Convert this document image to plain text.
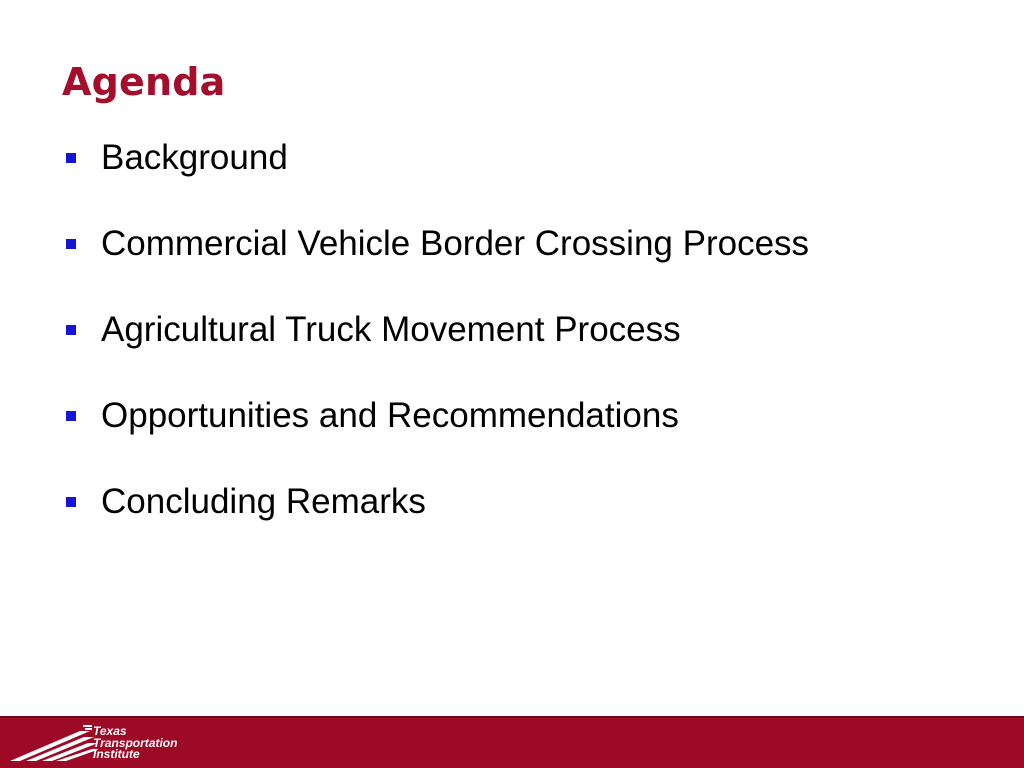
Agenda
Background
Commercial Vehicle Border Crossing Process
Agricultural Truck Movement Process
Opportunities and Recommendations
Concluding Remarks
Texas
Transportation
Institute
